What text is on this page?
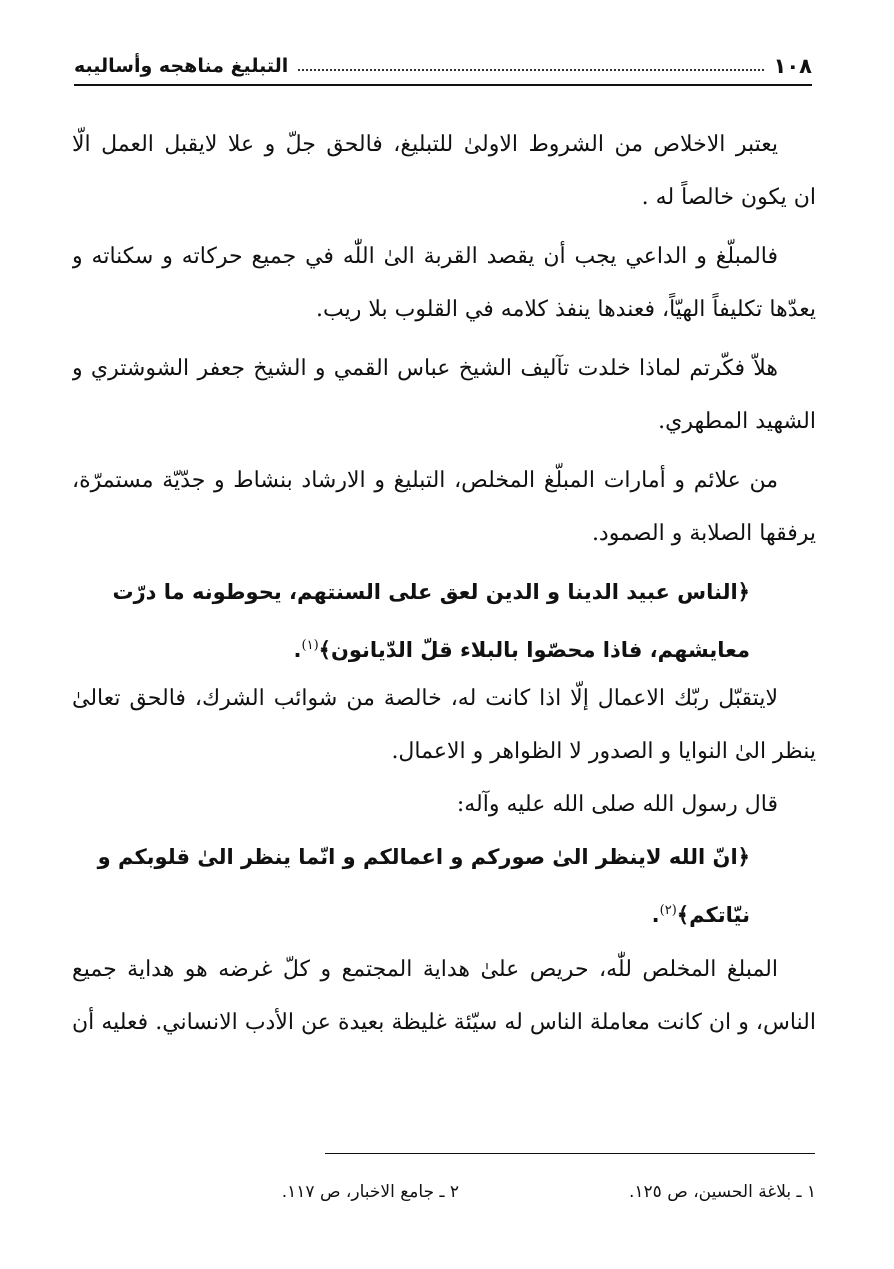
١٠٨
التبليغ مناهجه وأساليبه
يعتبر الاخلاص من الشروط الاولىٰ للتبليغ، فالحق جلّ و علا لايقبل العمل الّا
ان يكون خالصاً له .
فالمبلّغ و الداعي يجب أن يقصد القربة الىٰ اللّٰه في جميع حركاته و سكناته و
يعدّها تكليفاً الهيّاً، فعندها ينفذ كلامه في القلوب بلا ريب.
هلاّ فكّرتم لماذا خلدت تآليف الشيخ عباس القمي و الشيخ جعفر الشوشتري و
الشهيد المطهري.
من علائم و أمارات المبلّغ المخلص، التبليغ و الارشاد بنشاط و جدّيّة مستمرّة،
يرفقها الصلابة و الصمود.
﴿الناس عبيد الدينا و الدين لعق على السنتهم، يحوطونه ما درّت
معايشهم، فاذا محصّوا بالبلاء قلّ الدّيانون﴾$^{(١)}$.
لايتقبّل ربّك الاعمال إلّا اذا كانت له، خالصة من شوائب الشرك، فالحق تعالىٰ
ينظر الىٰ النوايا و الصدور لا الظواهر و الاعمال.
قال رسول الله صلى الله عليه وآله:
﴿انّ الله لاينظر الىٰ صوركم و اعمالكم و انّما ينظر الىٰ قلوبكم و
نيّاتكم﴾$^{(٢)}$.
المبلغ المخلص للّٰه، حريص علىٰ هداية المجتمع و كلّ غرضه هو هداية جميع
الناس، و ان كانت معاملة الناس له سيّئة غليظة بعيدة عن الأدب الانساني. فعليه أن
١ ـ بلاغة الحسين، ص ١٢٥.
٢ ـ جامع الاخبار، ص ١١٧.
